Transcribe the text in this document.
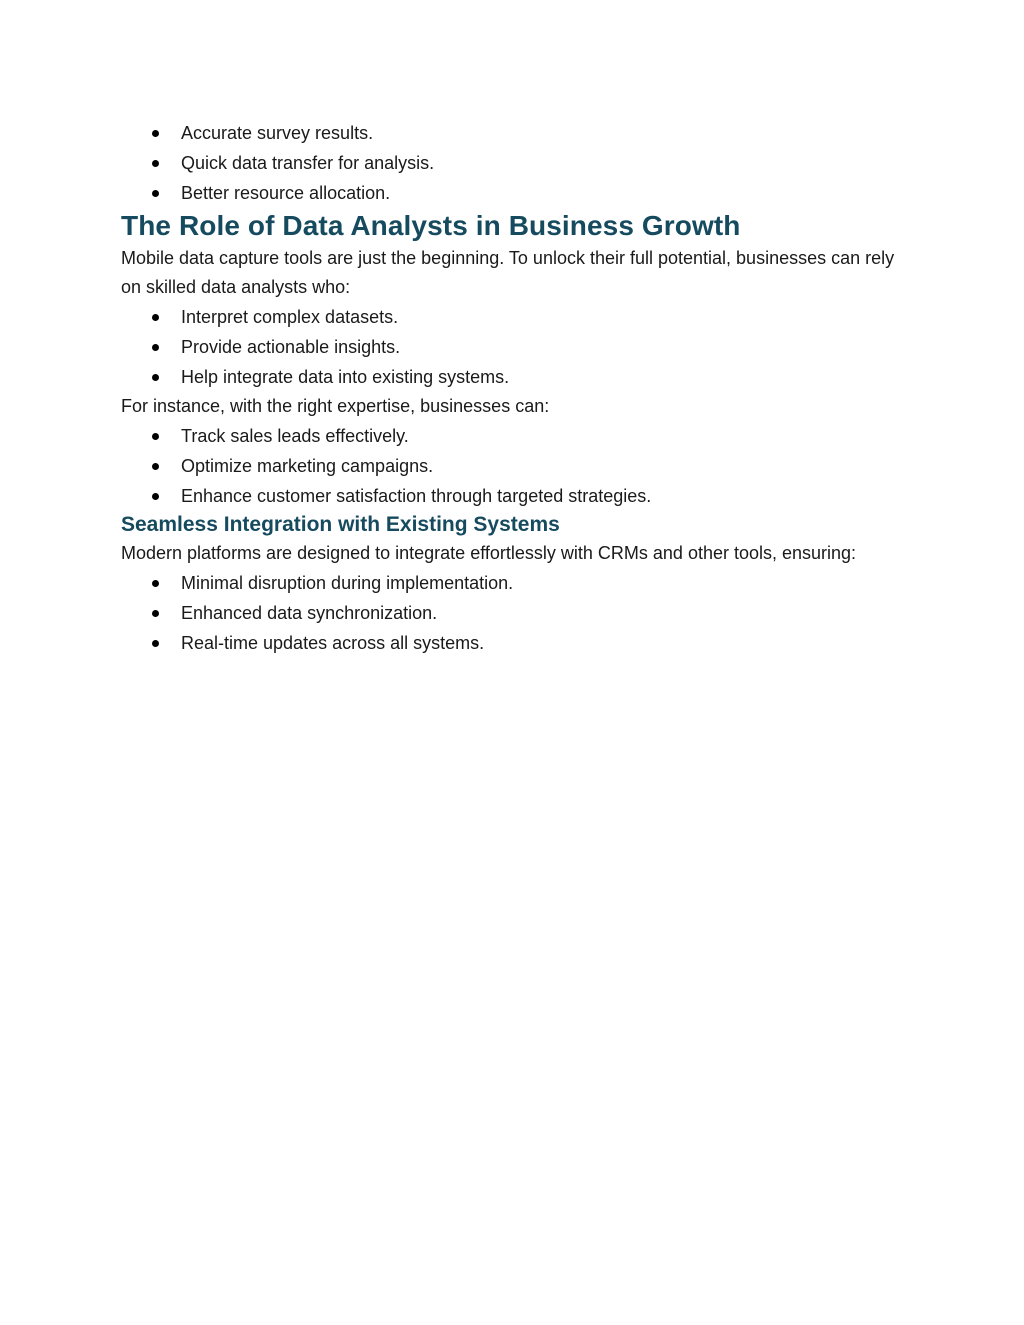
Accurate survey results.
Quick data transfer for analysis.
Better resource allocation.
The Role of Data Analysts in Business Growth

Mobile data capture tools are just the beginning. To unlock their full potential, businesses can rely on skilled data analysts who:

Interpret complex datasets.
Provide actionable insights.
Help integrate data into existing systems.

For instance, with the right expertise, businesses can:

Track sales leads effectively.
Optimize marketing campaigns.
Enhance customer satisfaction through targeted strategies.
Seamless Integration with Existing Systems

Modern platforms are designed to integrate effortlessly with CRMs and other tools, ensuring:

Minimal disruption during implementation.
Enhanced data synchronization.
Real-time updates across all systems.
